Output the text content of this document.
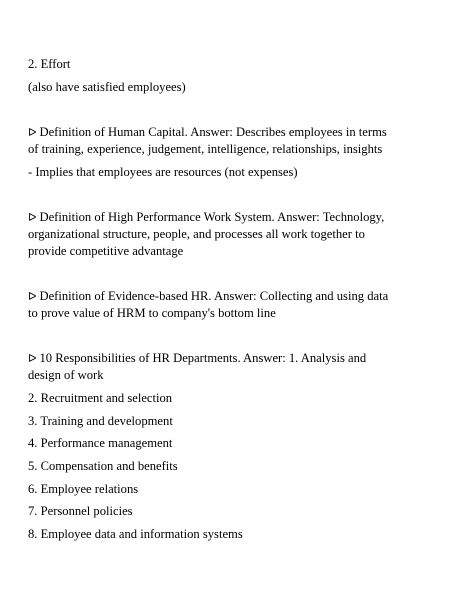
2. Effort
(also have satisfied employees)
ᐅ Definition of Human Capital. Answer: Describes employees in terms
of training, experience, judgement, intelligence, relationships, insights
- Implies that employees are resources (not expenses)
ᐅ Definition of High Performance Work System. Answer: Technology,
organizational structure, people, and processes all work together to
provide competitive advantage
ᐅ Definition of Evidence-based HR. Answer: Collecting and using data
to prove value of HRM to company's bottom line
ᐅ 10 Responsibilities of HR Departments. Answer: 1. Analysis and
design of work
2. Recruitment and selection
3. Training and development
4. Performance management
5. Compensation and benefits
6. Employee relations
7. Personnel policies
8. Employee data and information systems
